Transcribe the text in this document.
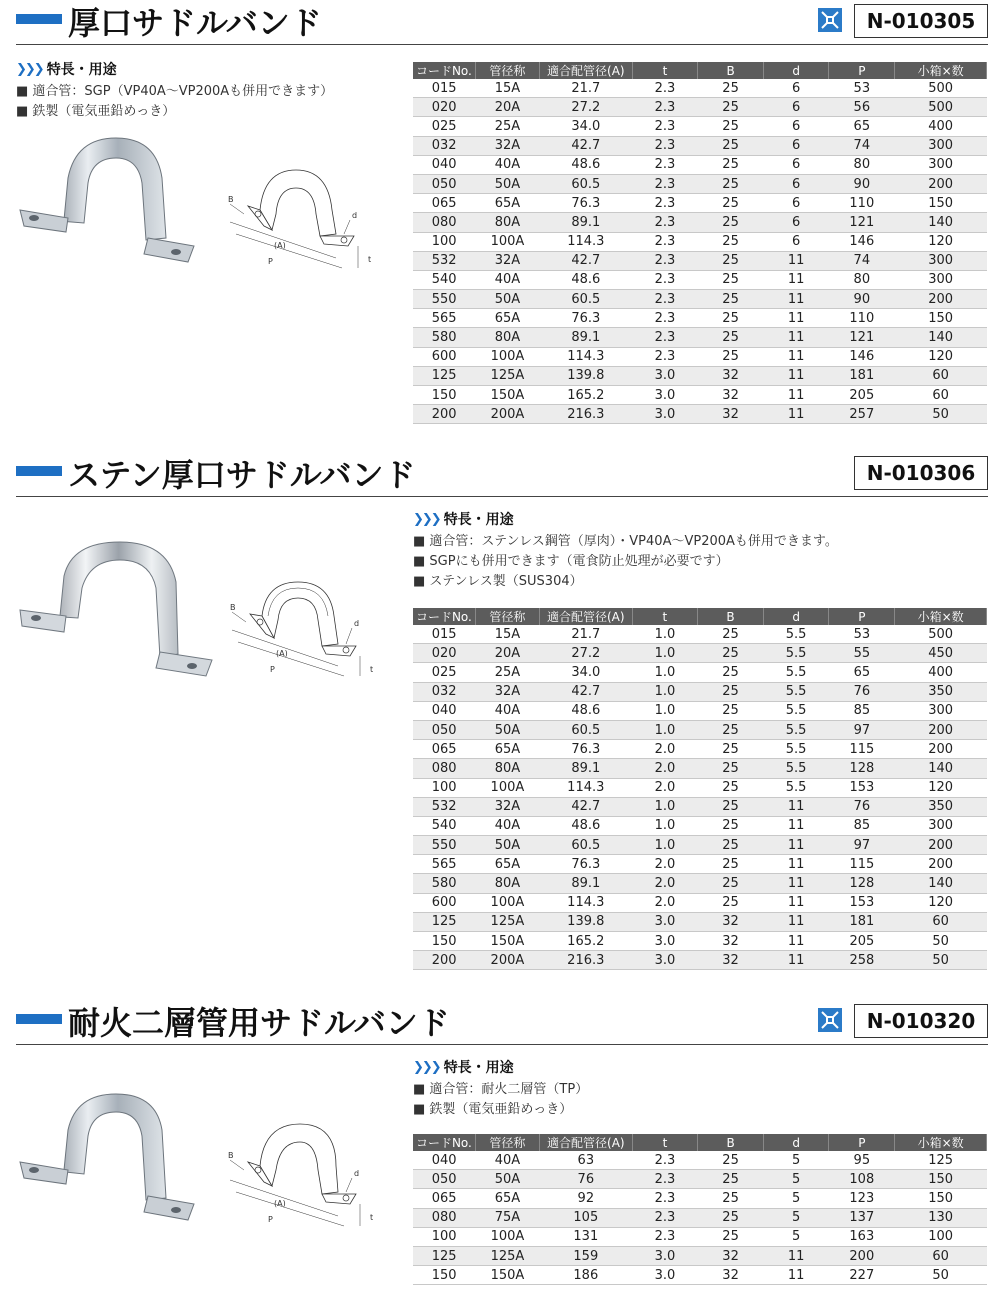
厚口サドルバンド	N-010305
❯❯❯ 特長・用途
■ 適合管：SGP（VP40A〜VP200Aも併用できます）
■ 鉄製（電気亜鉛めっき）
B
(A)
P
d
t
コードNo.	管径称	適合配管径(A)	t	B	d	P	小箱×数
015	15A	21.7	2.3	25	6	53	500
020	20A	27.2	2.3	25	6	56	500
025	25A	34.0	2.3	25	6	65	400
032	32A	42.7	2.3	25	6	74	300
040	40A	48.6	2.3	25	6	80	300
050	50A	60.5	2.3	25	6	90	200
065	65A	76.3	2.3	25	6	110	150
080	80A	89.1	2.3	25	6	121	140
100	100A	114.3	2.3	25	6	146	120
532	32A	42.7	2.3	25	11	74	300
540	40A	48.6	2.3	25	11	80	300
550	50A	60.5	2.3	25	11	90	200
565	65A	76.3	2.3	25	11	110	150
580	80A	89.1	2.3	25	11	121	140
600	100A	114.3	2.3	25	11	146	120
125	125A	139.8	3.0	32	11	181	60
150	150A	165.2	3.0	32	11	205	60
200	200A	216.3	3.0	32	11	257	50
ステン厚口サドルバンド	N-010306
B
(A)
P
d
t
❯❯❯ 特長・用途
■ 適合管：ステンレス鋼管（厚肉）・VP40A〜VP200Aも併用できます。
■ SGPにも併用できます（電食防止処理が必要です）
■ ステンレス製（SUS304）
コードNo.	管径称	適合配管径(A)	t	B	d	P	小箱×数
015	15A	21.7	1.0	25	5.5	53	500
020	20A	27.2	1.0	25	5.5	55	450
025	25A	34.0	1.0	25	5.5	65	400
032	32A	42.7	1.0	25	5.5	76	350
040	40A	48.6	1.0	25	5.5	85	300
050	50A	60.5	1.0	25	5.5	97	200
065	65A	76.3	2.0	25	5.5	115	200
080	80A	89.1	2.0	25	5.5	128	140
100	100A	114.3	2.0	25	5.5	153	120
532	32A	42.7	1.0	25	11	76	350
540	40A	48.6	1.0	25	11	85	300
550	50A	60.5	1.0	25	11	97	200
565	65A	76.3	2.0	25	11	115	200
580	80A	89.1	2.0	25	11	128	140
600	100A	114.3	2.0	25	11	153	120
125	125A	139.8	3.0	32	11	181	60
150	150A	165.2	3.0	32	11	205	50
200	200A	216.3	3.0	32	11	258	50
耐火二層管用サドルバンド	N-010320
B
(A)
P
d
t
❯❯❯ 特長・用途
■ 適合管：耐火二層管（TP）
■ 鉄製（電気亜鉛めっき）
コードNo.	管径称	適合配管径(A)	t	B	d	P	小箱×数
040	40A	63	2.3	25	5	95	125
050	50A	76	2.3	25	5	108	150
065	65A	92	2.3	25	5	123	150
080	75A	105	2.3	25	5	137	130
100	100A	131	2.3	25	5	163	100
125	125A	159	3.0	32	11	200	60
150	150A	186	3.0	32	11	227	50
